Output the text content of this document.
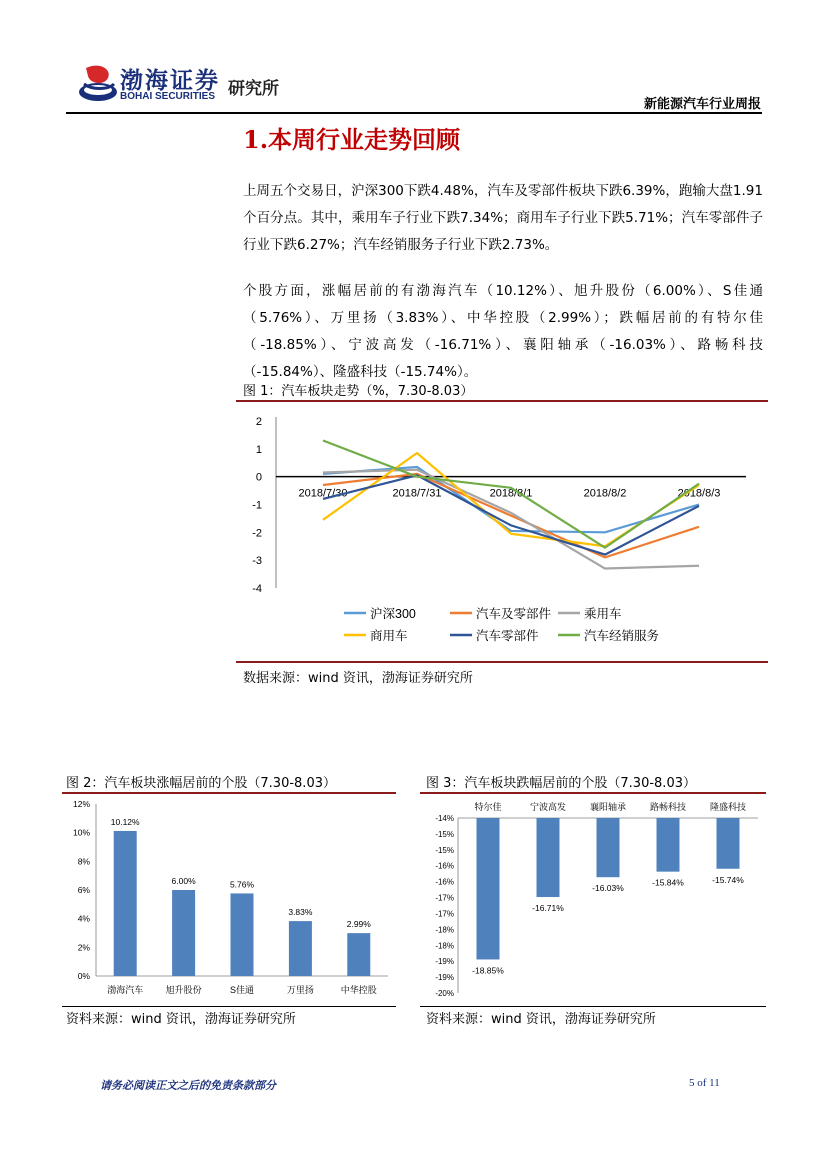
渤海证券
BOHAI SECURITIES 研究所
新能源汽车行业周报
1.本周行业走势回顾
上周五个交易日，沪深300下跌4.48%，汽车及零部件板块下跌6.39%，跑输大盘1.91个百分点。其中，乘用车子行业下跌7.34%；商用车子行业下跌5.71%；汽车零部件子行业下跌6.27%；汽车经销服务子行业下跌2.73%。
个股方面，涨幅居前的有渤海汽车（10.12%）、旭升股份（6.00%）、S佳通（5.76%）、万里扬（3.83%）、中华控股（2.99%）；跌幅居前的有特尔佳（-18.85%）、宁波高发（-16.71%）、襄阳轴承（-16.03%）、路畅科技（-15.84%）、隆盛科技（-15.74%）。
图 1：汽车板块走势（%，7.30-8.03）
2
1
0
-1
-2
-3
-4
2018/7/30	2018/7/31	2018/8/1	2018/8/2	2018/8/3
沪深300	汽车及零部件	乘用车
商用车	汽车零部件	汽车经销服务
数据来源：wind 资讯，渤海证券研究所
图 2：汽车板块涨幅居前的个股（7.30-8.03）
12%
10%
8%
6%
4%
2%
0%
10.12%
渤海汽车
6.00%
旭升股份
5.76%
S佳通
3.83%
万里扬
2.99%
中华控股
资料来源：wind 资讯，渤海证券研究所
图 3：汽车板块跌幅居前的个股（7.30-8.03）
-14%
-15%
-15%
-16%
-16%
-17%
-17%
-18%
-18%
-19%
-19%
-20%
-18.85%
特尔佳
-16.71%
宁波高发
-16.03%
襄阳轴承
-15.84%
路畅科技
-15.74%
隆盛科技
资料来源：wind 资讯，渤海证券研究所
请务必阅读正文之后的免责条款部分	5 of 11
